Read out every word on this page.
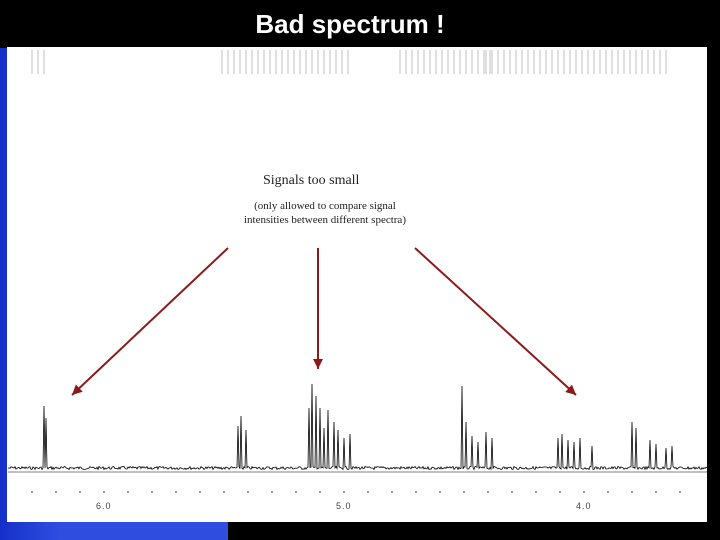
Bad spectrum !
Signals too small
(only allowed to compare signal intensities between different spectra)
6.0	5.0	4.0
